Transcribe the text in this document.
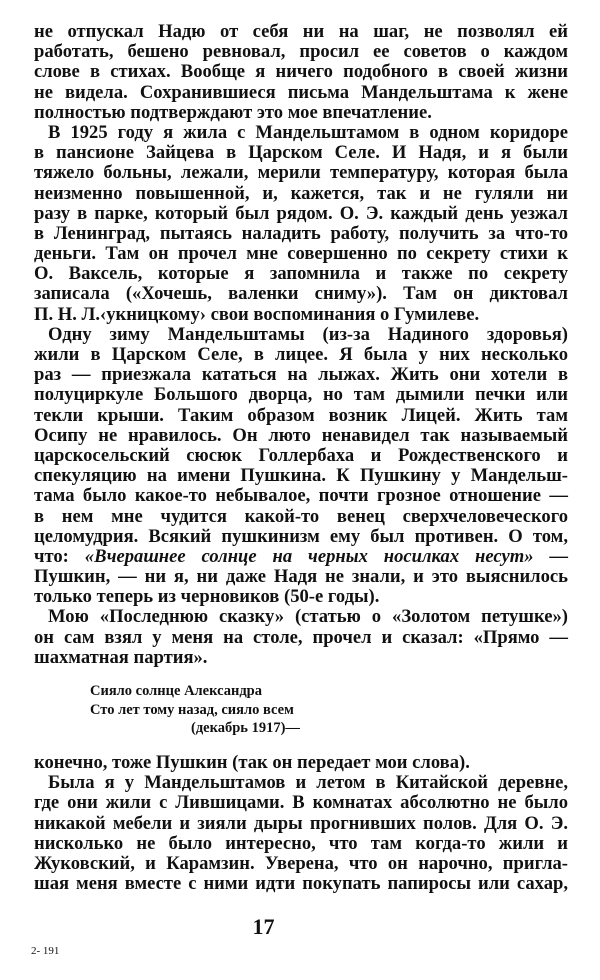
не отпускал Надю от себя ни на шаг, не позволял ей
работать, бешено ревновал, просил ее советов о каждом
слове в стихах. Вообще я ничего подобного в своей жизни
не видела. Сохранившиеся письма Мандельштама к жене
полностью подтверждают это мое впечатление.
В 1925 году я жила с Мандельштамом в одном коридоре
в пансионе Зайцева в Царском Селе. И Надя, и я были
тяжело больны, лежали, мерили температуру, которая была
неизменно повышенной, и, кажется, так и не гуляли ни
разу в парке, который был рядом. О. Э. каждый день уезжал
в Ленинград, пытаясь наладить работу, получить за что-то
деньги. Там он прочел мне совершенно по секрету стихи к
О. Ваксель, которые я запомнила и также по секрету
записала («Хочешь, валенки сниму»). Там он диктовал
П. Н. Л.‹укницкому› свои воспоминания о Гумилеве.
Одну зиму Мандельштамы (из-за Надиного здоровья)
жили в Царском Селе, в лицее. Я была у них несколько
раз — приезжала кататься на лыжах. Жить они хотели в
полуциркуле Большого дворца, но там дымили печки или
текли крыши. Таким образом возник Лицей. Жить там
Осипу не нравилось. Он люто ненавидел так называемый
царскосельский сюсюк Голлербаха и Рождественского и
спекуляцию на имени Пушкина. К Пушкину у Мандельш-
тама было какое-то небывалое, почти грозное отношение —
в нем мне чудится какой-то венец сверхчеловеческого
целомудрия. Всякий пушкинизм ему был противен. О том,
что: «Вчерашнее солнце на черных носилках несут» —
Пушкин, — ни я, ни даже Надя не знали, и это выяснилось
только теперь из черновиков (50-е годы).
Мою «Последнюю сказку» (статью о «Золотом петушке»)
он сам взял у меня на столе, прочел и сказал: «Прямо —
шахматная партия».
Сияло солнце Александра
Сто лет тому назад, сияло всем
(декабрь 1917)—
конечно, тоже Пушкин (так он передает мои слова).
Была я у Мандельштамов и летом в Китайской деревне,
где они жили с Лившицами. В комнатах абсолютно не было
никакой мебели и зияли дыры прогнивших полов. Для О. Э.
нисколько не было интересно, что там когда-то жили и
Жуковский, и Карамзин. Уверена, что он нарочно, пригла-
шая меня вместе с ними идти покупать папиросы или сахар,
17
2- 191
